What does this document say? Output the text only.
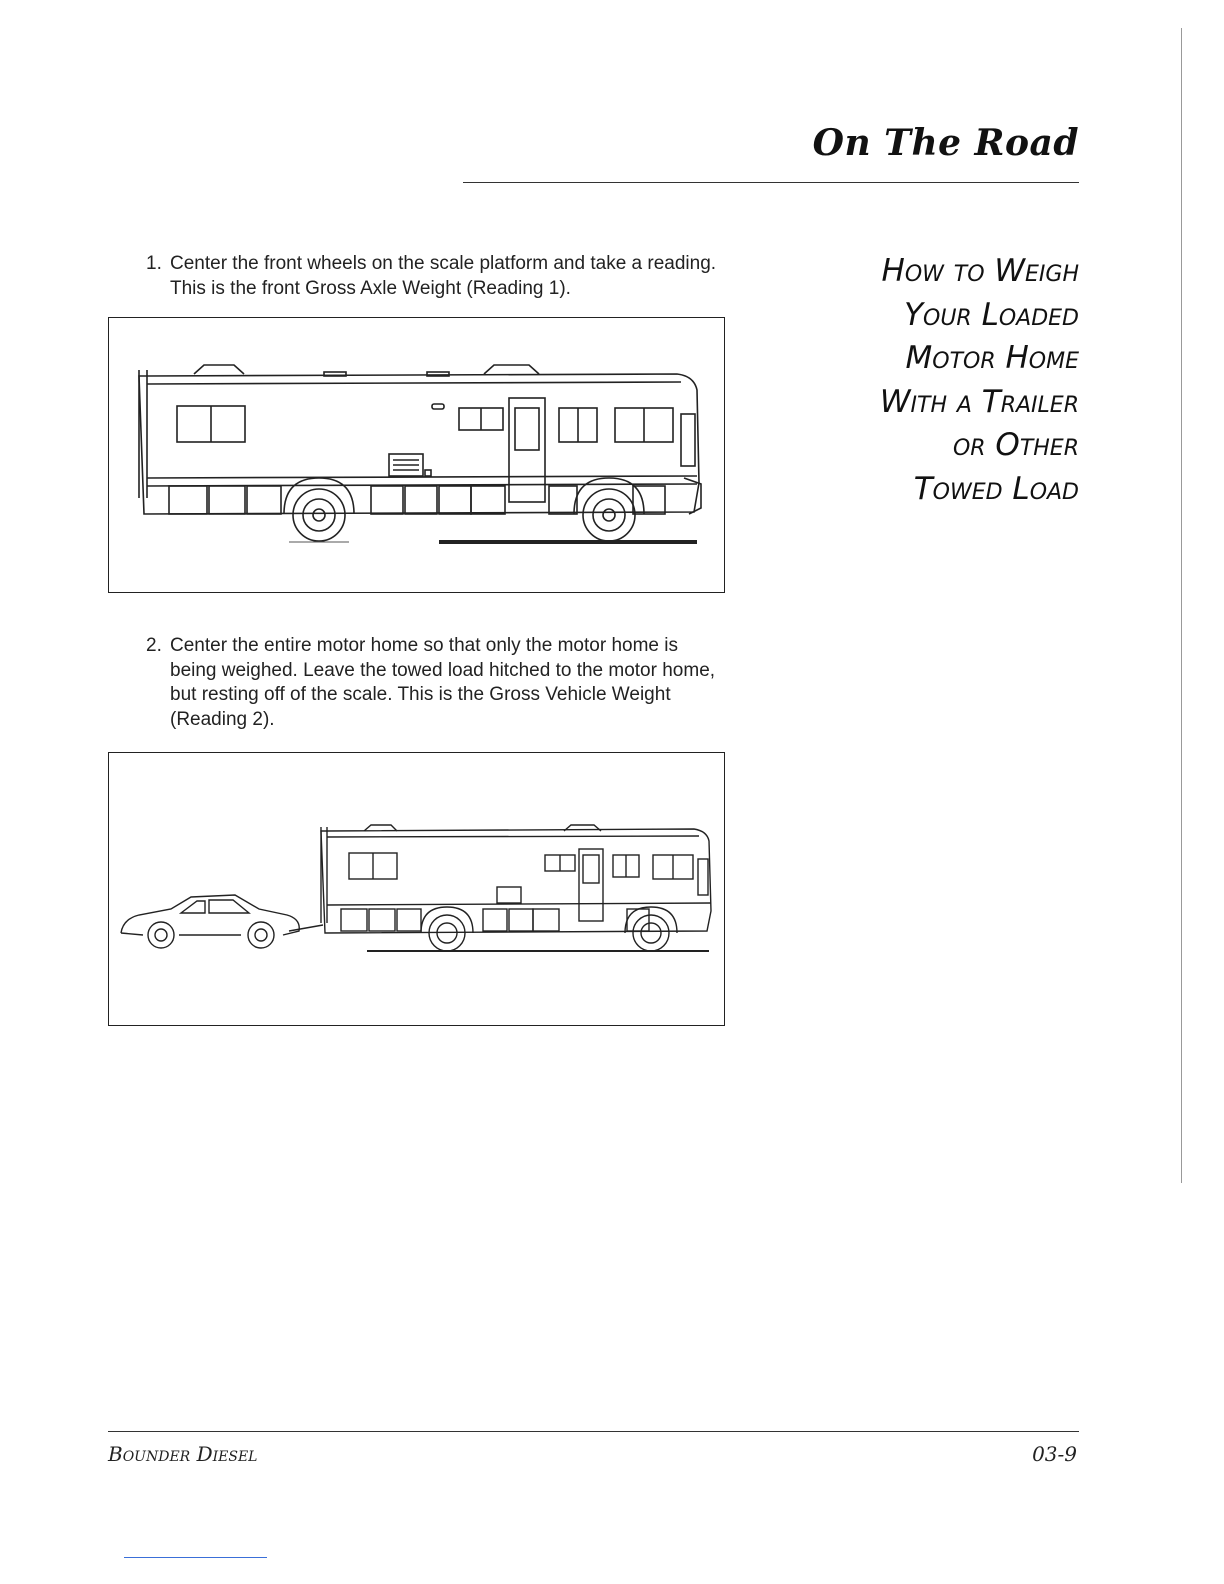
On The Road
How to Weigh
Your Loaded
Motor Home
With a Trailer
or Other
Towed Load
1. Center the front wheels on the scale platform and take a reading. This is the front Gross Axle Weight (Reading 1).
2. Center the entire motor home so that only the motor home is being weighed. Leave the towed load hitched to the motor home, but resting off of the scale. This is the Gross Vehicle Weight (Reading 2).
Bounder Diesel	03-9
